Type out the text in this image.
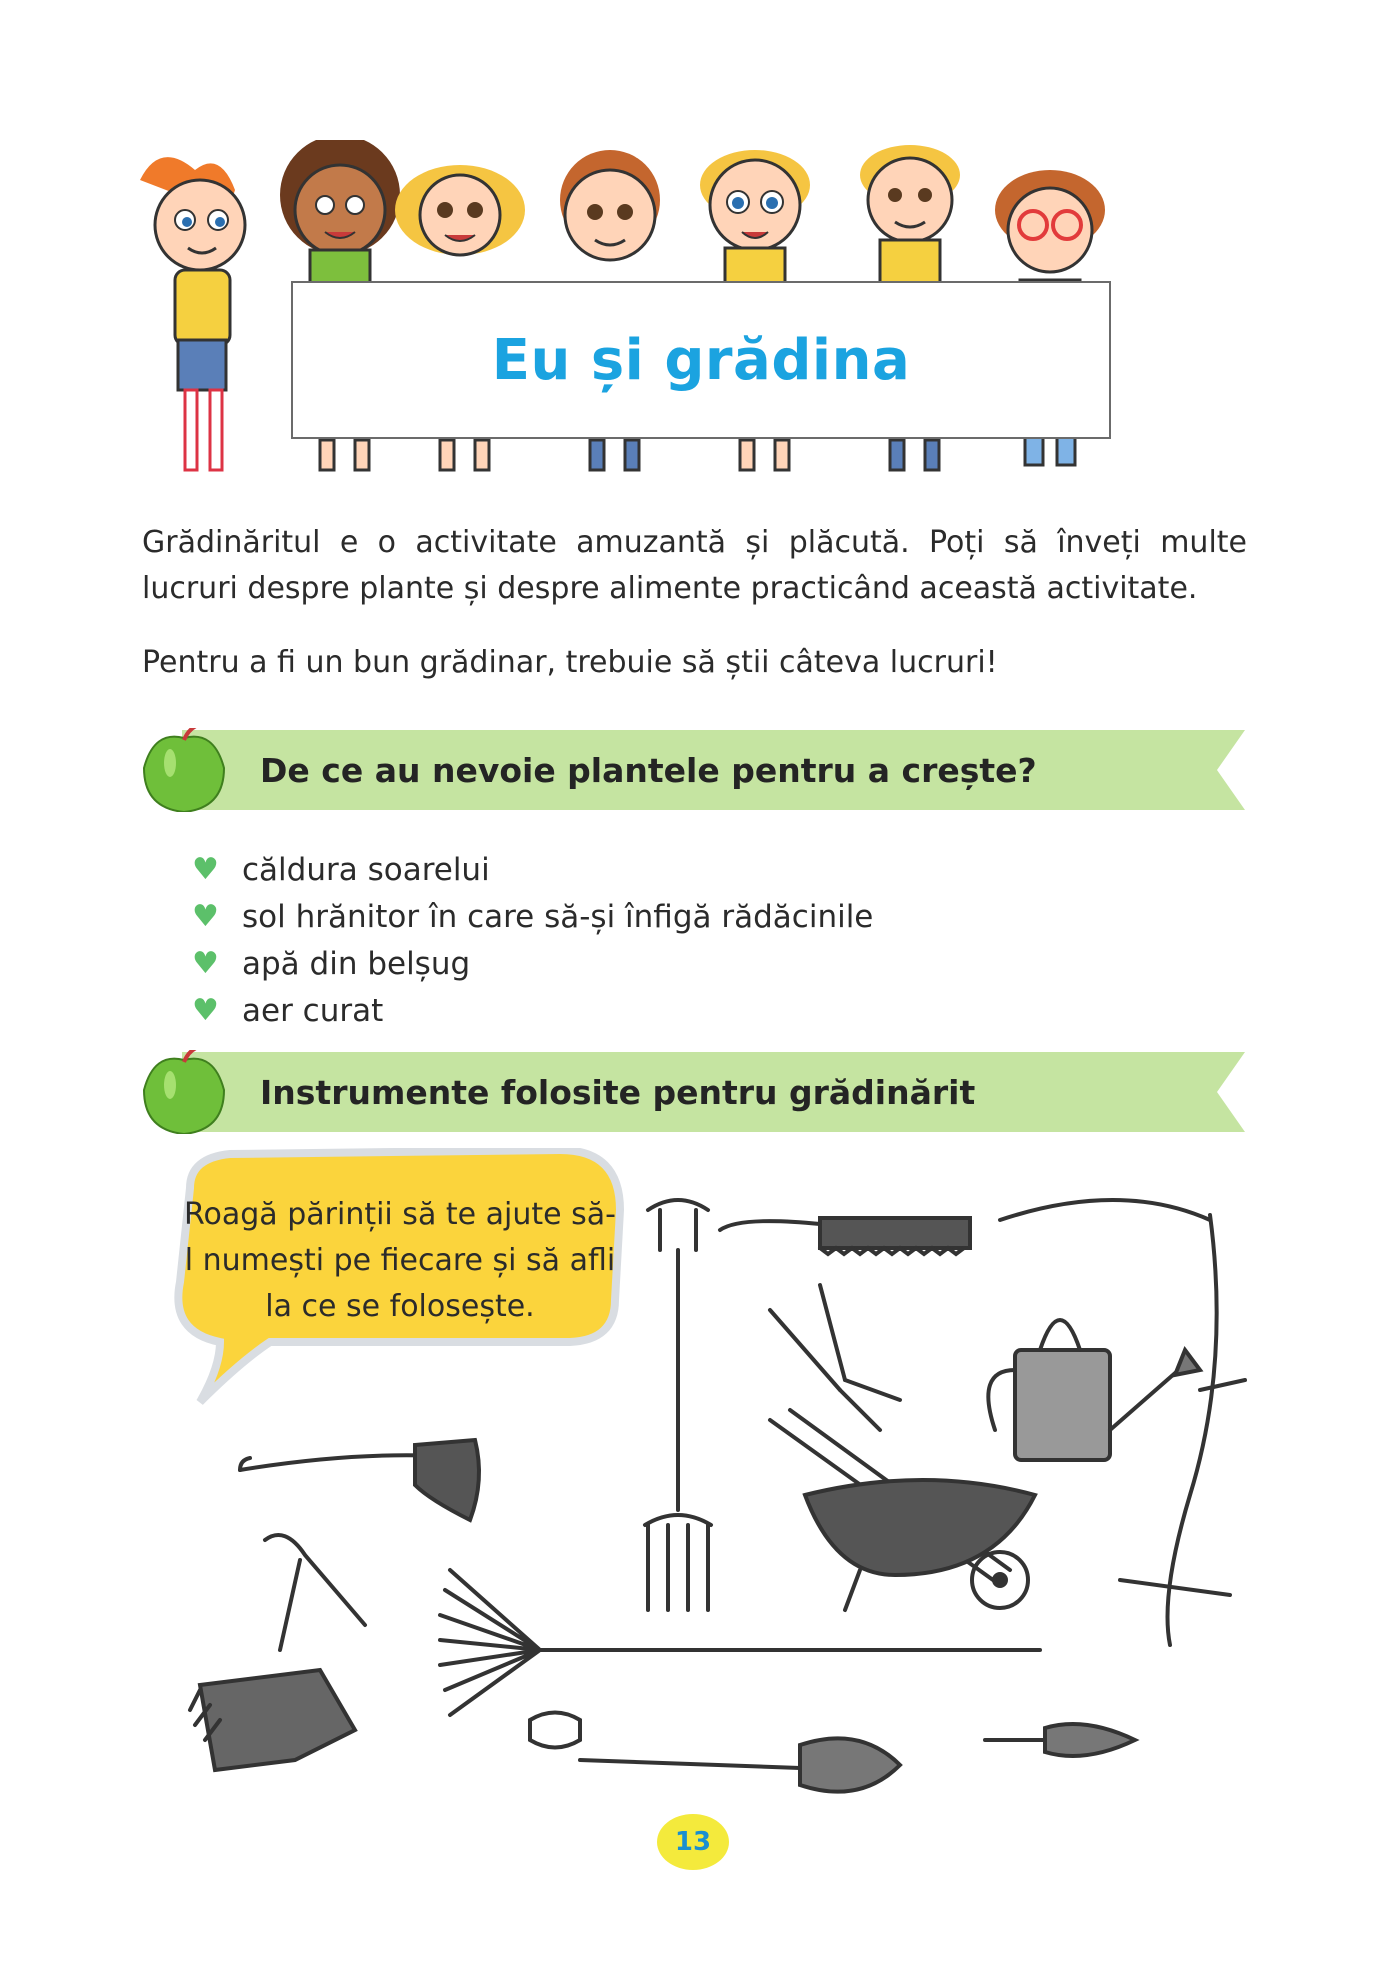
Eu și grădina

Grădinăritul e o activitate amuzantă și plăcută. Poți să înveți multe lucruri despre plante și despre alimente practicând această activitate.

Pentru a fi un bun grădinar, trebuie să știi câteva lucruri!

De ce au nevoie plantele pentru a crește?
♥ căldura soarelui
♥ sol hrănitor în care să-și înfigă rădăcinile
♥ apă din belșug
♥ aer curat
Instrumente folosite pentru grădinărit

Roagă părinții să te ajute să-l numești pe fiecare și să afli la ce se folosește.

13
